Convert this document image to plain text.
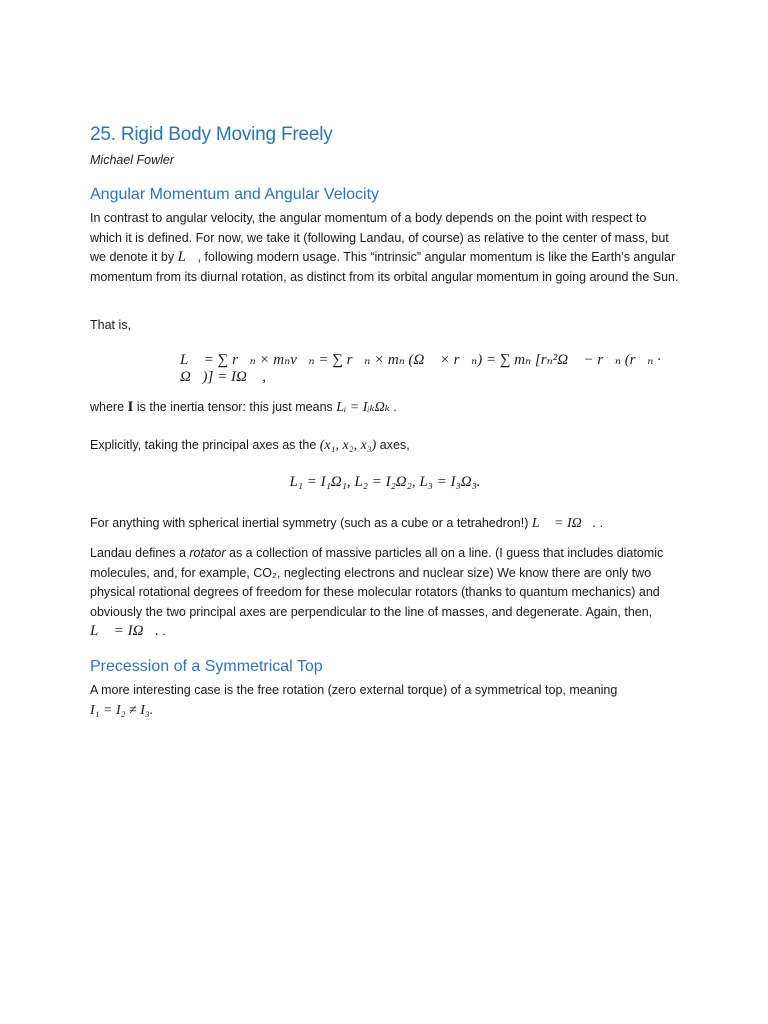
25. Rigid Body Moving Freely

Michael Fowler

Angular Momentum and Angular Velocity

In contrast to angular velocity, the angular momentum of a body depends on the point with respect to which it is defined. For now, we take it (following Landau, of course) as relative to the center of mass, but we denote it by L⃗, following modern usage. This “intrinsic” angular momentum is like the Earth’s angular momentum from its diurnal rotation, as distinct from its orbital angular momentum in going around the Sun.

That is,

L⃗ = ∑ r⃗ₙ × mₙv⃗ₙ = ∑ r⃗ₙ × mₙ (Ω⃗ × r⃗ₙ) = ∑ mₙ [rₙ²Ω⃗ − r⃗ₙ (r⃗ₙ · Ω⃗)] = IΩ⃗ ,

where I is the inertia tensor: this just means Lᵢ = IᵢₖΩₖ .

Explicitly, taking the principal axes as the (x₁, x₂, x₃) axes,

L₁ = I₁Ω₁, L₂ = I₂Ω₂, L₃ = I₃Ω₃.

For anything with spherical inertial symmetry (such as a cube or a tetrahedron!) L⃗ = IΩ⃗. .

Landau defines a rotator as a collection of massive particles all on a line. (I guess that includes diatomic molecules, and, for example, CO₂, neglecting electrons and nuclear size) We know there are only two physical rotational degrees of freedom for these molecular rotators (thanks to quantum mechanics) and obviously the two principal axes are perpendicular to the line of masses, and degenerate. Again, then,
L⃗ = IΩ⃗. .

Precession of a Symmetrical Top

A more interesting case is the free rotation (zero external torque) of a symmetrical top, meaning
I₁ = I₂ ≠ I₃.
